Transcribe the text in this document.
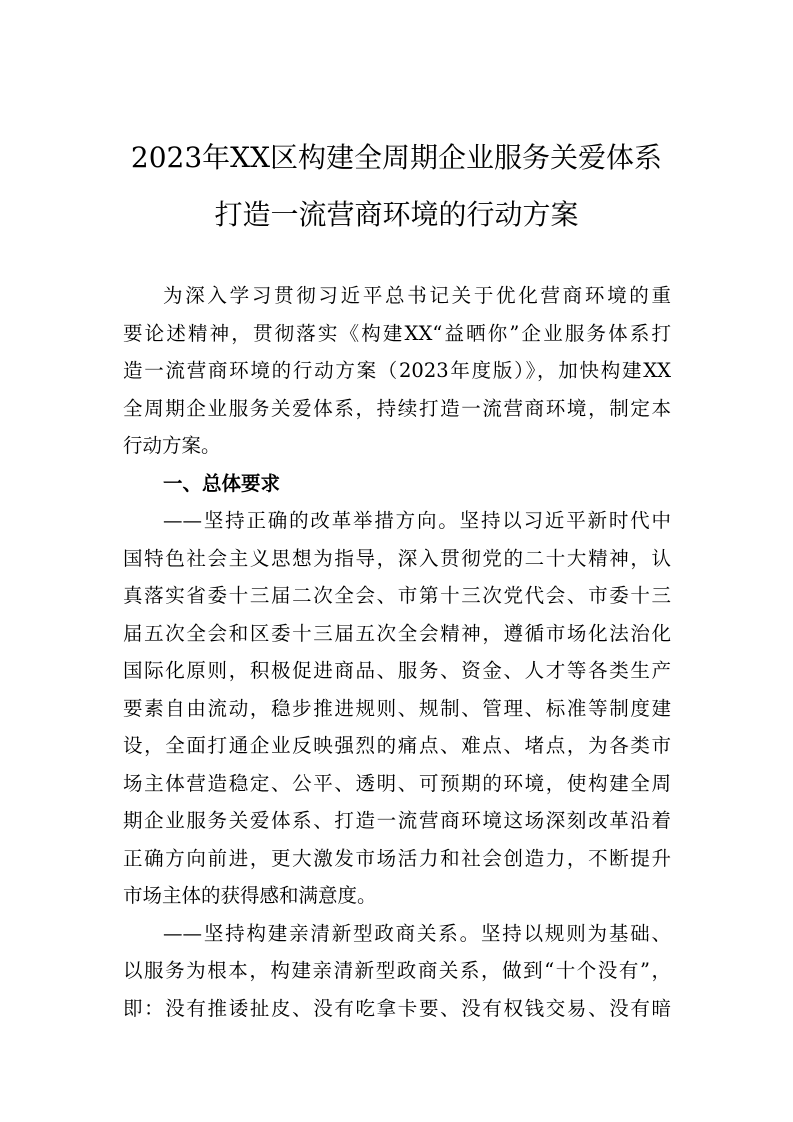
2023年XX区构建全周期企业服务关爱体系
打造一流营商环境的行动方案
为深入学习贯彻习近平总书记关于优化营商环境的重
要论述精神，贯彻落实《构建XX“益晒你”企业服务体系打
造一流营商环境的行动方案（2023年度版）》，加快构建XX
全周期企业服务关爱体系，持续打造一流营商环境，制定本
行动方案。
一、总体要求
——坚持正确的改革举措方向。坚持以习近平新时代中
国特色社会主义思想为指导，深入贯彻党的二十大精神，认
真落实省委十三届二次全会、市第十三次党代会、市委十三
届五次全会和区委十三届五次全会精神，遵循市场化法治化
国际化原则，积极促进商品、服务、资金、人才等各类生产
要素自由流动，稳步推进规则、规制、管理、标准等制度建
设，全面打通企业反映强烈的痛点、难点、堵点，为各类市
场主体营造稳定、公平、透明、可预期的环境，使构建全周
期企业服务关爱体系、打造一流营商环境这场深刻改革沿着
正确方向前进，更大激发市场活力和社会创造力，不断提升
市场主体的获得感和满意度。
——坚持构建亲清新型政商关系。坚持以规则为基础、
以服务为根本，构建亲清新型政商关系，做到“十个没有”，
即：没有推诿扯皮、没有吃拿卡要、没有权钱交易、没有暗
